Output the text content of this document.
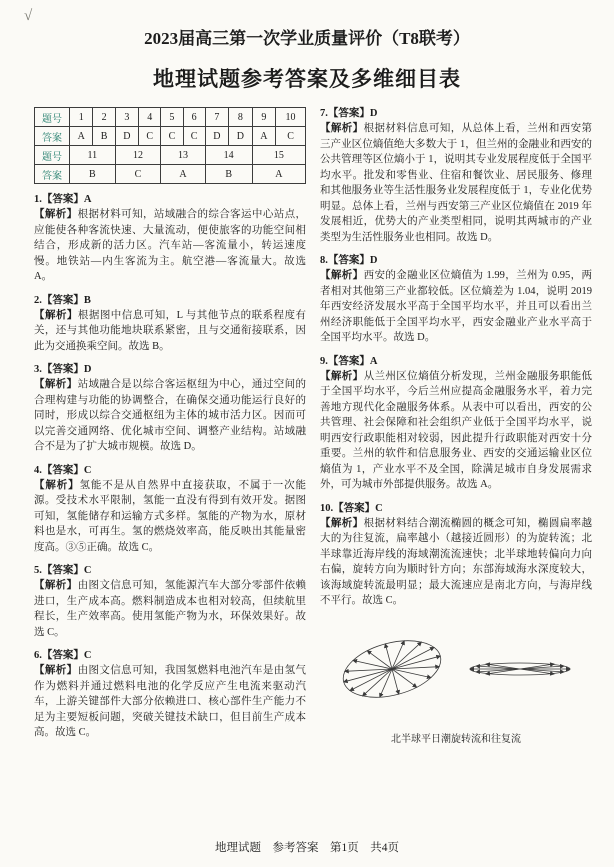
√
2023届高三第一次学业质量评价（T8联考）
地理试题参考答案及多维细目表
题号	1	2	3	4	5	6	7	8	9	10
答案	A	B	D	C	C	C	D	D	A	C
题号	11		12		13		14		15	
答案	B		C		A		B		A	

1.【答案】A

【解析】根据材料可知，站域融合的综合客运中心站点，应能使各种客流快速、大量流动，便使旅客的功能空间相结合，形成新的活力区。汽车站—客流量小，转运速度慢。地铁站—内生客流为主。航空港—客流量大。故选 A。

2.【答案】B

【解析】根据图中信息可知，L 与其他节点的联系程度有关，还与其他功能地块联系紧密，且与交通衔接联系，因此为交通换乘空间。故选 B。

3.【答案】D

【解析】站域融合是以综合客运枢纽为中心，通过空间的合理构建与功能的协调整合，在确保交通功能运行良好的同时，形成以综合交通枢纽为主体的城市活力区。因而可以完善交通网络、优化城市空间、调整产业结构。站域融合不是为了扩大城市规模。故选 D。

4.【答案】C

【解析】氢能不是从自然界中直接获取，不属于一次能源。受技术水平限制，氢能一直没有得到有效开发。据图可知，氢能储存和运输方式多样。氢能的产物为水，原材料也是水，可再生。氢的燃烧效率高，能反映出其能量密度高。③⑤正确。故选 C。

5.【答案】C

【解析】由图文信息可知，氢能源汽车大部分零部件依赖进口，生产成本高。燃料制造成本也相对较高，但续航里程长，生产效率高。使用氢能产物为水，环保效果好。故选 C。

6.【答案】C

【解析】由图文信息可知，我国氢燃料电池汽车是由氢气作为燃料并通过燃料电池的化学反应产生电流来驱动汽车，上游关键部件大部分依赖进口、核心部件生产能力不足为主要短板问题，突破关键技术缺口，但目前生产成本高。故选 C。

7.【答案】D

【解析】根据材料信息可知，从总体上看，兰州和西安第三产业区位熵值绝大多数大于 1，但兰州的金融业和西安的公共管理等区位熵小于 1，说明其专业发展程度低于全国平均水平。批发和零售业、住宿和餐饮业、居民服务、修理和其他服务业等生活性服务业发展程度低于 1，专业化优势明显。总体上看，兰州与西安第三产业区位熵值在 2019 年发展相近，优势大的产业类型相同，说明其两城市的产业类型为生活性服务业也相同。故选 D。

8.【答案】D

【解析】西安的金融业区位熵值为 1.99，兰州为 0.95，两者相对其他第三产业都较低。区位熵差为 1.04，说明 2019 年西安经济发展水平高于全国平均水平，并且可以看出兰州经济职能低于全国平均水平，西安金融业产业水平高于全国平均水平。故选 D。

9.【答案】A

【解析】从兰州区位熵值分析发现，兰州金融服务职能低于全国平均水平，今后兰州应提高金融服务水平，着力完善地方现代化金融服务体系。从表中可以看出，西安的公共管理、社会保障和社会组织产业低于全国平均水平，说明西安行政职能相对较弱，因此提升行政职能对西安十分重要。兰州的软件和信息服务业、西安的交通运输业区位熵值为 1，产业水平不及全国，除满足城市自身发展需求外，可为城市外部提供服务。故选 A。

10.【答案】C

【解析】根据材料结合潮流椭圆的概念可知，椭圆扁率越大的为往复流，扁率越小（越接近圆形）的为旋转流；北半球靠近海岸线的海域潮流流速快；北半球地转偏向力向右偏，旋转方向为顺时针方向；东部海域海水深度较大，该海域旋转流最明显；最大流速应是南北方向，与海岸线不平行。故选 C。

北半球平日潮旋转流和往复流
地理试题　参考答案　第1页　共4页
